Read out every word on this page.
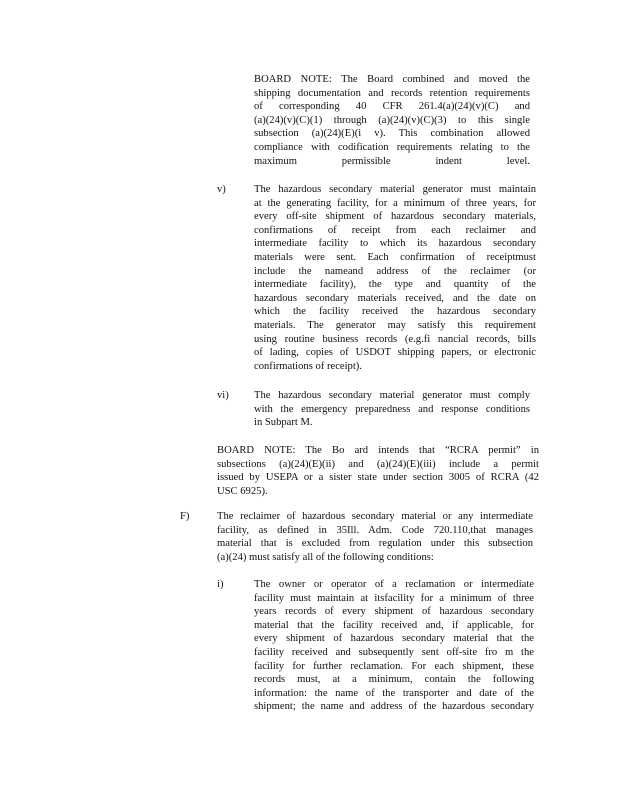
BOARD NOTE: The Board combined and moved the
shipping documentation and records retention requirements
of corresponding 40 CFR 261.4(a)(24)(v)(C) and
(a)(24)(v)(C)(1) through (a)(24)(v)(C)(3) to this single
subsection (a)(24)(E)(i v). This combination allowed
compliance with codification requirements relating to the
maximum permissible indent level.
v)	The hazardous secondary material generator must maintain
at the generating facility, for a minimum of three years, for
every off-site shipment of hazardous secondary materials,
confirmations of receipt from each reclaimer and
intermediate facility to which its hazardous secondary
materials were sent. Each confirmation of receiptmust
include the nameand address of the reclaimer (or
intermediate facility), the type and quantity of the
hazardous secondary materials received, and the date on
which the facility received the hazardous secondary
materials. The generator may satisfy this requirement
using routine business records (e.g.fi nancial records, bills
of lading, copies of USDOT shipping papers, or electronic
confirmations of receipt).
vi) The hazardous secondary material generator must comply
with the emergency preparedness and response conditions
in Subpart M.
BOARD NOTE: The Bo ard intends that “RCRA permit” in
subsections (a)(24)(E)(ii) and (a)(24)(E)(iii) include a permit
issued by USEPA or a sister state under section 3005 of RCRA (42
USC 6925).
F)	The reclaimer of hazardous secondary material or any intermediate
facility, as defined in 35Ill. Adm. Code 720.110,that manages
material that is excluded from regulation under this subsection
(a)(24) must satisfy all of the following conditions:
i)	The owner or operator of a reclamation or intermediate
facility must maintain at itsfacility for a minimum of three
years records of every shipment of hazardous secondary
material that the facility received and, if applicable, for
every shipment of hazardous secondary material that the
facility received and subsequently sent off-site fro m the
facility for further reclamation. For each shipment, these
records must, at a minimum, contain the following
information: the name of the transporter and date of the
shipment; the name and address of the hazardous secondary
